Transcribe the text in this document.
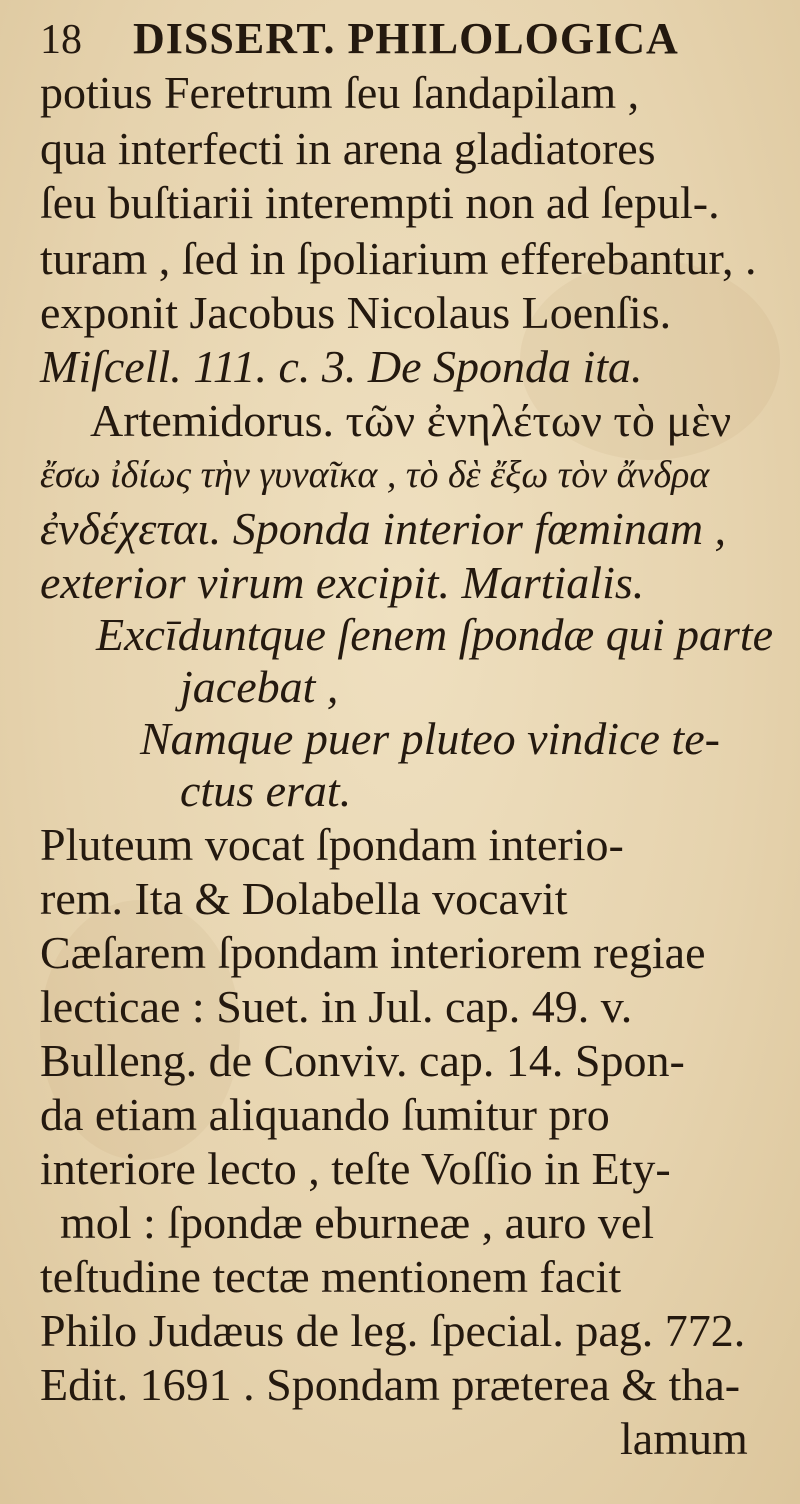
18 DISSERT. PHILOLOGICA
potius Feretrum ſeu ſandapilam ,
qua interfecti in arena gladiatores
ſeu buſtiarii interempti non ad ſepul-.
turam , ſed in ſpoliarium efferebantur, .
exponit Jacobus Nicolaus Loenſis.
Miſcell. 111. c. 3. De Sponda ita.
Artemidorus. τῶν ἐνηλέτων τὸ μὲν
ἔσω ἰδίως τὴν γυναῖκα , τὸ δὲ ἔξω τὸν ἄνδρα
ἐνδέχεται. Sponda interior fœminam ,
exterior virum excipit. Martialis.
Excīduntque ſenem ſpondæ qui parte
jacebat ,
Namque puer pluteo vindice te-
ctus erat.
Pluteum vocat ſpondam interio-
rem. Ita & Dolabella vocavit
Cæſarem ſpondam interiorem regiae
lecticae : Suet. in Jul. cap. 49. v.
Bulleng. de Conviv. cap. 14. Spon-
da etiam aliquando ſumitur pro
interiore lecto , teſte Voſſio in Ety-
mol : ſpondæ eburneæ , auro vel
teſtudine tectæ mentionem facit
Philo Judæus de leg. ſpecial. pag. 772.
Edit. 1691 . Spondam præterea & tha-
lamum
